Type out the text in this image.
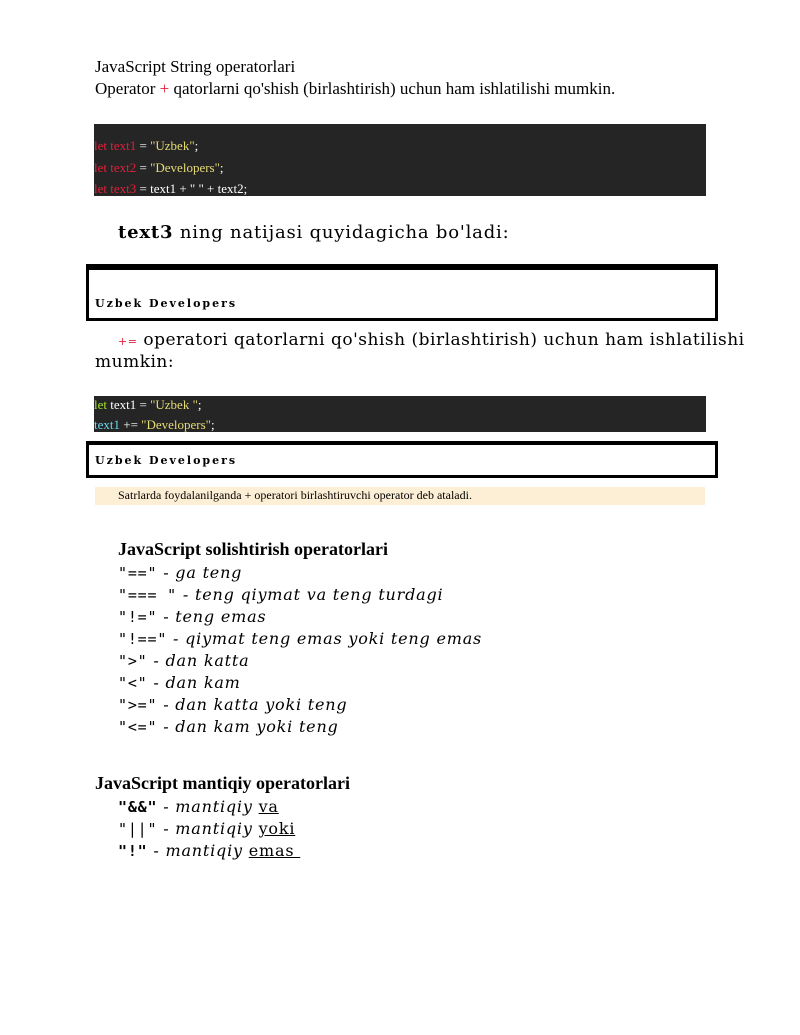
JavaScript String operatorlari
Operator + qatorlarni qo'shish (birlashtirish) uchun ham ishlatilishi mumkin.
let text1 = "Uzbek";
let text2 = "Developers";
let text3 = text1 + " " + text2;
text3 ning natijasi quyidagicha bo'ladi:
Uzbek Developers
+= operatori qatorlarni qo'shish (birlashtirish) uchun ham ishlatilishi
mumkin:
let text1 = "Uzbek ";
text1 += "Developers";
Uzbek Developers
Satrlarda foydalanilganda + operatori birlashtiruvchi operator deb ataladi.
JavaScript solishtirish operatorlari
"==" - ga teng
"=== " - teng qiymat va teng turdagi
"!=" - teng emas
"!==" - qiymat teng emas yoki teng emas
">" - dan katta
"<" - dan kam
">=" - dan katta yoki teng
"<=" - dan kam yoki teng
JavaScript mantiqiy operatorlari
"&&" - mantiqiy va
"||" - mantiqiy yoki
"!" - mantiqiy emas
